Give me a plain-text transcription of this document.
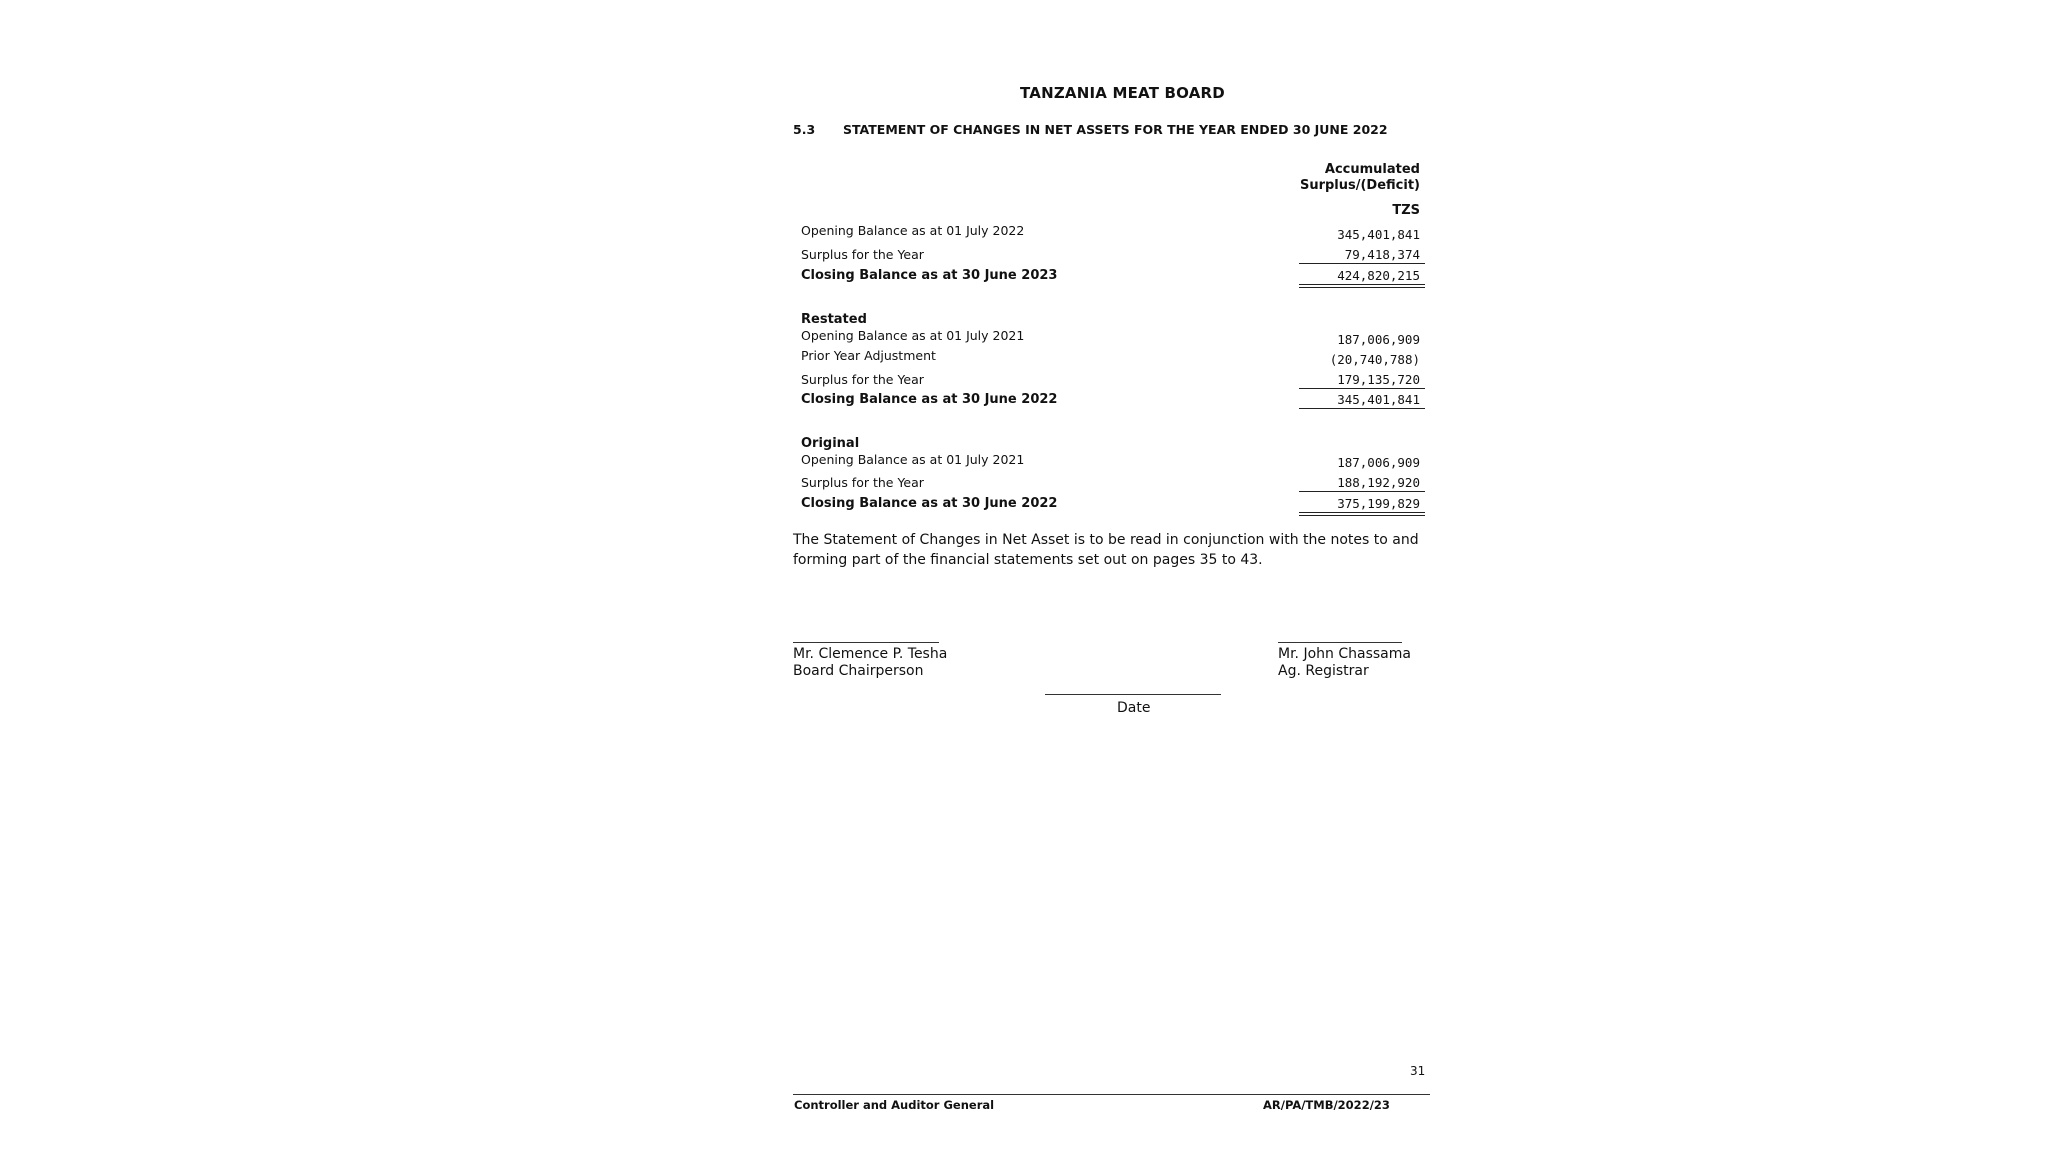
TANZANIA MEAT BOARD
5.3 STATEMENT OF CHANGES IN NET ASSETS FOR THE YEAR ENDED 30 JUNE 2022
Accumulated
Surplus/(Deficit)
TZS
Opening Balance as at 01 July 2022	345,401,841
Surplus for the Year	79,418,374
Closing Balance as at 30 June 2023	424,820,215
Restated
Opening Balance as at 01 July 2021	187,006,909
Prior Year Adjustment	(20,740,788)
Surplus for the Year	179,135,720
Closing Balance as at 30 June 2022	345,401,841
Original
Opening Balance as at 01 July 2021	187,006,909
Surplus for the Year	188,192,920
Closing Balance as at 30 June 2022	375,199,829
The Statement of Changes in Net Asset is to be read in conjunction with the notes to and forming part of the financial statements set out on pages 35 to 43.
Mr. Clemence P. Tesha
Board Chairperson
Mr. John Chassama
Ag. Registrar
Date
31
Controller and Auditor General	AR/PA/TMB/2022/23
